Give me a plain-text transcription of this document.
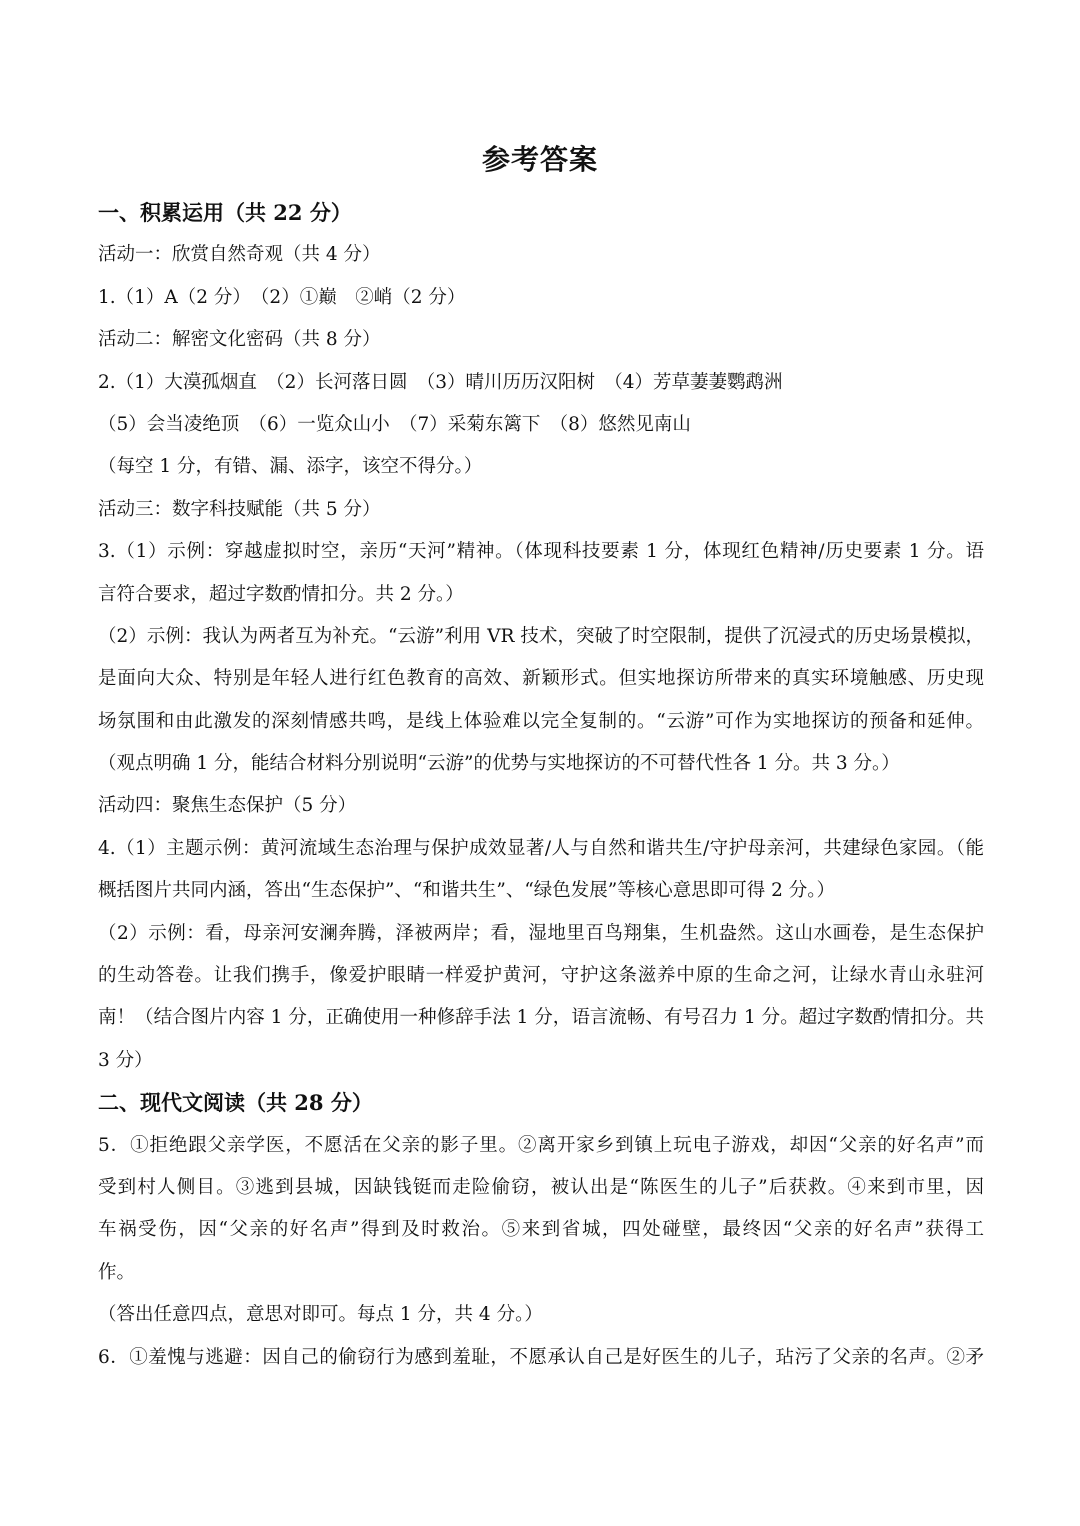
参考答案
一、积累运用（共 22 分）
活动一：欣赏自然奇观（共 4 分）
1.（1）A（2 分）　（2）①巅　②峭（2 分）
活动二：解密文化密码（共 8 分）
2.（1）大漠孤烟直　（2）长河落日圆　（3）晴川历历汉阳树　（4）芳草萋萋鹦鹉洲
（5）会当凌绝顶　（6）一览众山小　（7）采菊东篱下　（8）悠然见南山
（每空 1 分，有错、漏、添字，该空不得分。）
活动三：数字科技赋能（共 5 分）
3.（1）示例：穿越虚拟时空，亲历“天河”精神。（体现科技要素 1 分，体现红色精神/历史要素 1 分。语
言符合要求，超过字数酌情扣分。共 2 分。）
（2）示例：我认为两者互为补充。“云游”利用 VR 技术，突破了时空限制，提供了沉浸式的历史场景模拟，
是面向大众、特别是年轻人进行红色教育的高效、新颖形式。但实地探访所带来的真实环境触感、历史现
场氛围和由此激发的深刻情感共鸣，是线上体验难以完全复制的。“云游”可作为实地探访的预备和延伸。
（观点明确 1 分，能结合材料分别说明“云游”的优势与实地探访的不可替代性各 1 分。共 3 分。）
活动四：聚焦生态保护（5 分）
4.（1）主题示例：黄河流域生态治理与保护成效显著/人与自然和谐共生/守护母亲河，共建绿色家园。（能
概括图片共同内涵，答出“生态保护”、“和谐共生”、“绿色发展”等核心意思即可得 2 分。）
（2）示例：看，母亲河安澜奔腾，泽被两岸；看，湿地里百鸟翔集，生机盎然。这山水画卷，是生态保护
的生动答卷。让我们携手，像爱护眼睛一样爱护黄河，守护这条滋养中原的生命之河，让绿水青山永驻河
南！（结合图片内容 1 分，正确使用一种修辞手法 1 分，语言流畅、有号召力 1 分。超过字数酌情扣分。共
3 分）
二、现代文阅读（共 28 分）
5．①拒绝跟父亲学医，不愿活在父亲的影子里。②离开家乡到镇上玩电子游戏，却因“父亲的好名声”而
受到村人侧目。③逃到县城，因缺钱铤而走险偷窃，被认出是“陈医生的儿子”后获救。④来到市里，因
车祸受伤，因“父亲的好名声”得到及时救治。⑤来到省城，四处碰壁，最终因“父亲的好名声”获得工
作。
（答出任意四点，意思对即可。每点 1 分，共 4 分。）
6．①羞愧与逃避：因自己的偷窃行为感到羞耻，不愿承认自己是好医生的儿子，玷污了父亲的名声。②矛
